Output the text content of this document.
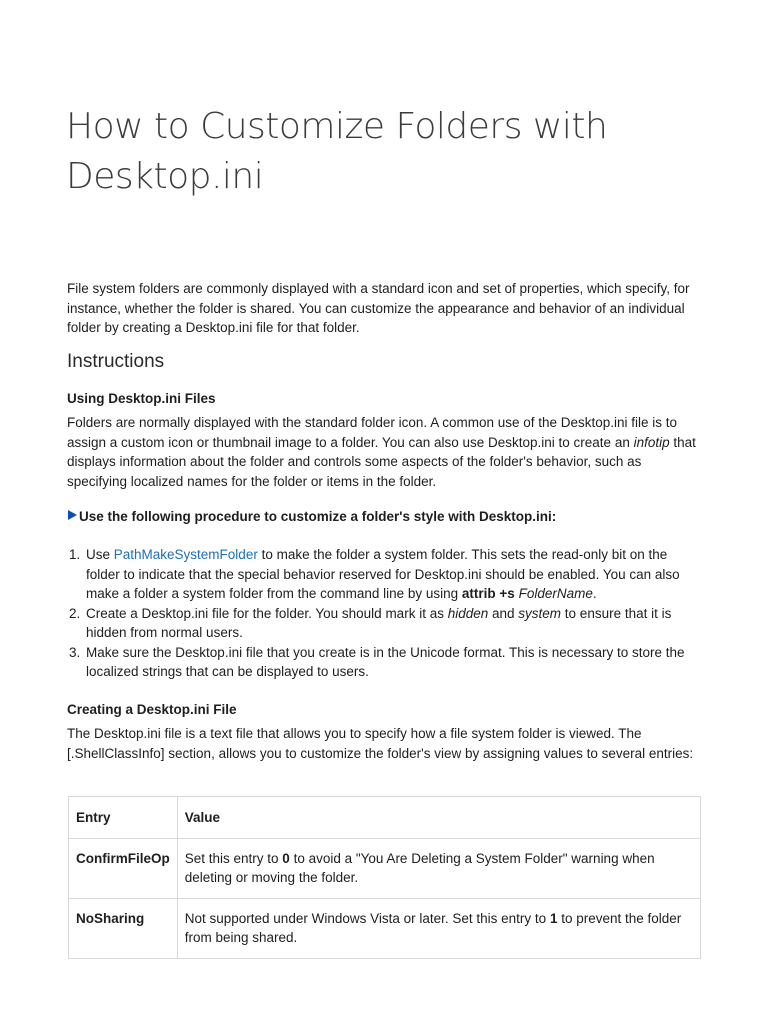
How to Customize Folders with Desktop.ini

File system folders are commonly displayed with a standard icon and set of properties, which specify, for instance, whether the folder is shared. You can customize the appearance and behavior of an individual folder by creating a Desktop.ini file for that folder.

Instructions
Using Desktop.ini Files

Folders are normally displayed with the standard folder icon. A common use of the Desktop.ini file is to assign a custom icon or thumbnail image to a folder. You can also use Desktop.ini to create an infotip that displays information about the folder and controls some aspects of the folder's behavior, such as specifying localized names for the folder or items in the folder.

Use the following procedure to customize a folder's style with Desktop.ini:
1. Use PathMakeSystemFolder to make the folder a system folder. This sets the read-only bit on the folder to indicate that the special behavior reserved for Desktop.ini should be enabled. You can also make a folder a system folder from the command line by using attrib +s FolderName.
2. Create a Desktop.ini file for the folder. You should mark it as hidden and system to ensure that it is hidden from normal users.
3. Make sure the Desktop.ini file that you create is in the Unicode format. This is necessary to store the localized strings that can be displayed to users.
Creating a Desktop.ini File

The Desktop.ini file is a text file that allows you to specify how a file system folder is viewed. The [.ShellClassInfo] section, allows you to customize the folder's view by assigning values to several entries:

Entry	Value
ConfirmFileOp	Set this entry to 0 to avoid a "You Are Deleting a System Folder" warning when deleting or moving the folder.
NoSharing	Not supported under Windows Vista or later. Set this entry to 1 to prevent the folder from being shared.
